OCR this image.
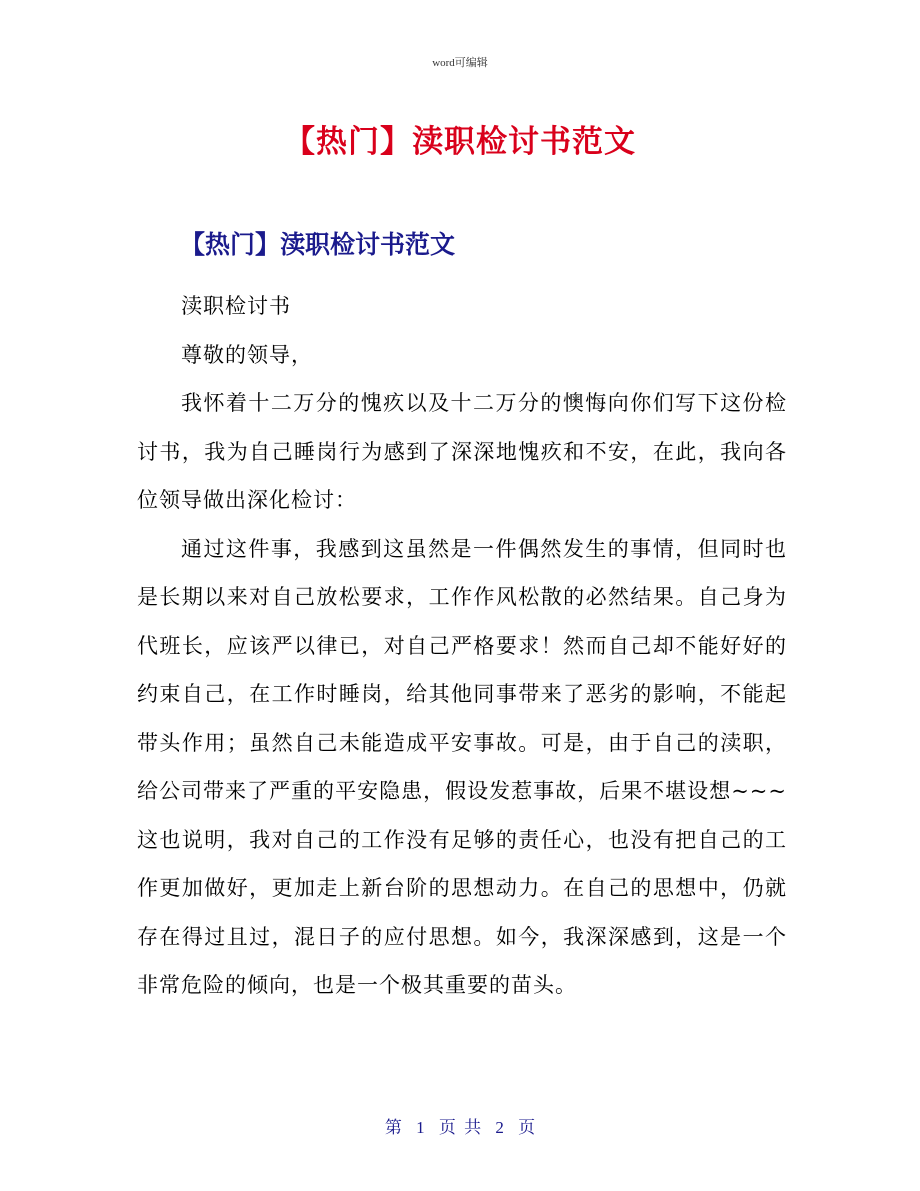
word可编辑
【热门】渎职检讨书范文
【热门】渎职检讨书范文

渎职检讨书

尊敬的领导，

我怀着十二万分的愧疚以及十二万分的懊悔向你们写下这份检讨书，我为自己睡岗行为感到了深深地愧疚和不安，在此，我向各位领导做出深化检讨：

通过这件事，我感到这虽然是一件偶然发生的事情，但同时也是长期以来对自己放松要求，工作作风松散的必然结果。自己身为代班长，应该严以律已，对自己严格要求！然而自己却不能好好的约束自己，在工作时睡岗，给其他同事带来了恶劣的影响，不能起带头作用；虽然自己未能造成平安事故。可是，由于自己的渎职，给公司带来了严重的平安隐患，假设发惹事故，后果不堪设想~~~这也说明，我对自己的工作没有足够的责任心，也没有把自己的工作更加做好，更加走上新台阶的思想动力。在自己的思想中，仍就存在得过且过，混日子的应付思想。如今，我深深感到，这是一个非常危险的倾向，也是一个极其重要的苗头。

第 1 页 共 2 页
